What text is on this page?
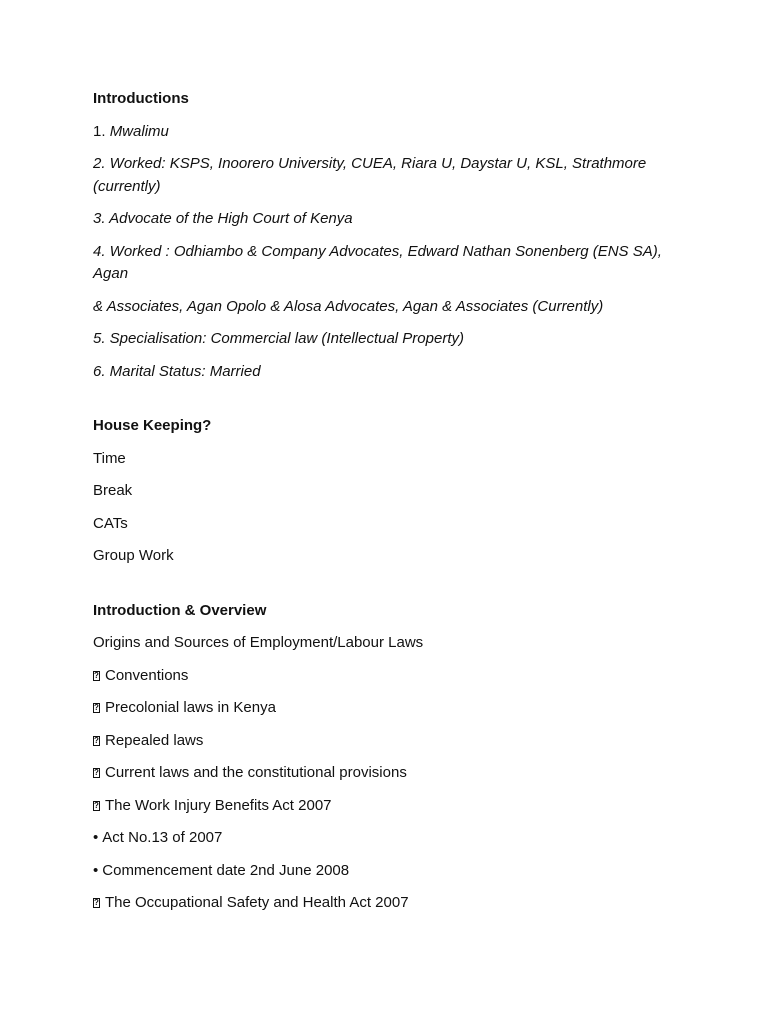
Introductions

1. Mwalimu

2. Worked: KSPS, Inoorero University, CUEA, Riara U, Daystar U, KSL, Strathmore (currently)

3. Advocate of the High Court of Kenya

4. Worked : Odhiambo & Company Advocates, Edward Nathan Sonenberg (ENS SA), Agan

& Associates, Agan Opolo & Alosa Advocates, Agan & Associates (Currently)

5. Specialisation: Commercial law (Intellectual Property)

6. Marital Status: Married

House Keeping?

Time

Break

CATs

Group Work

Introduction & Overview

Origins and Sources of Employment/Labour Laws

?Conventions

?Precolonial laws in Kenya

?Repealed laws

?Current laws and the constitutional provisions

?The Work Injury Benefits Act 2007

• Act No.13 of 2007

• Commencement date 2nd June 2008

?The Occupational Safety and Health Act 2007
